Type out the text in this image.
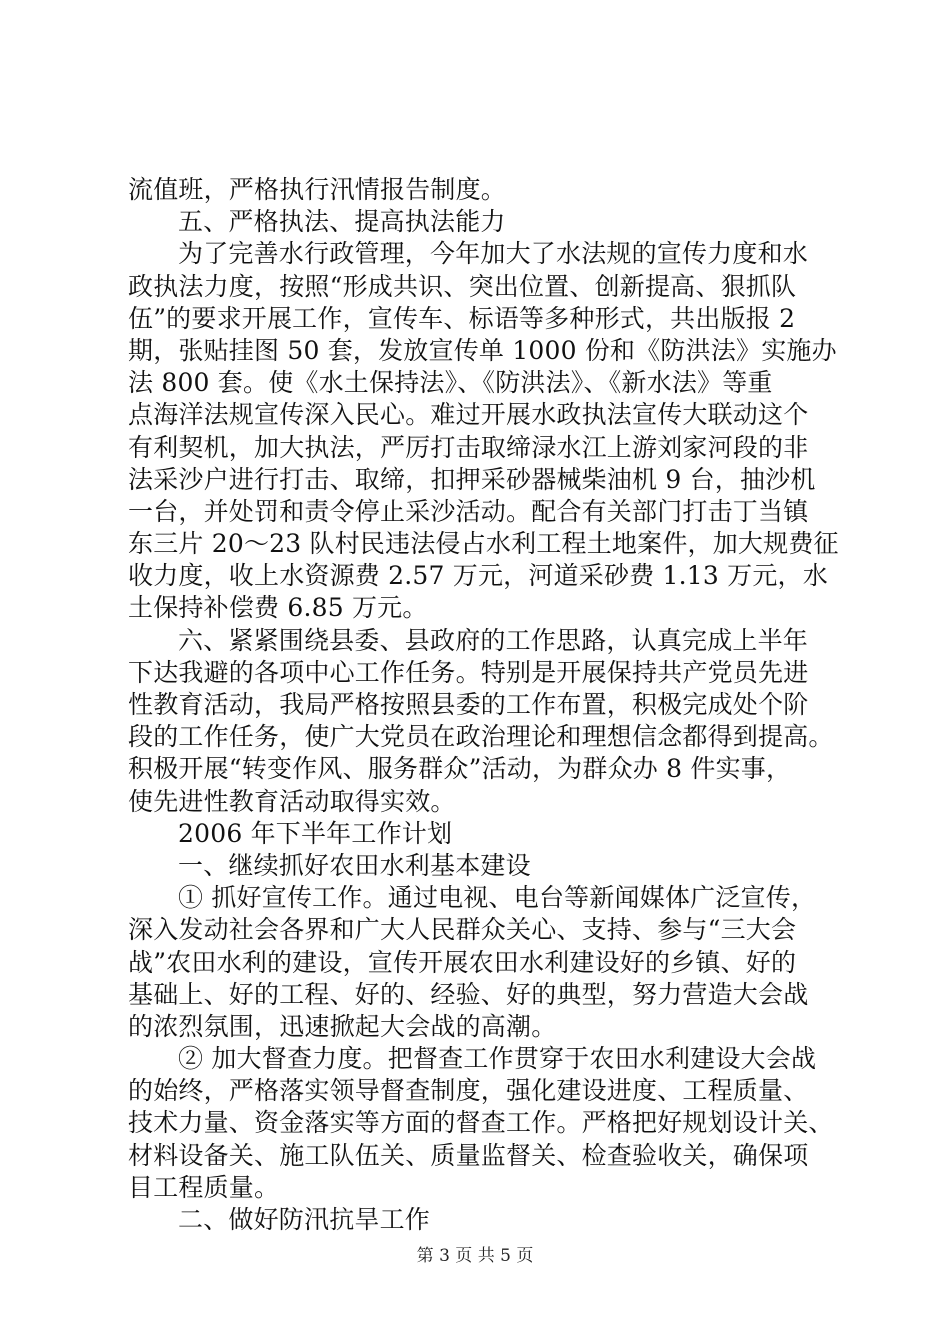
流值班，严格执行汛情报告制度。
五、严格执法、提高执法能力
为了完善水行政管理，今年加大了水法规的宣传力度和水
政执法力度，按照“形成共识、突出位置、创新提高、狠抓队
伍”的要求开展工作，宣传车、标语等多种形式，共出版报 2
期，张贴挂图 50 套，发放宣传单 1000 份和《防洪法》实施办
法 800 套。使《水土保持法》、《防洪法》、《新水法》等重
点海洋法规宣传深入民心。难过开展水政执法宣传大联动这个
有利契机，加大执法，严厉打击取缔渌水江上游刘家河段的非
法采沙户进行打击、取缔，扣押采砂器械柴油机 9 台，抽沙机
一台，并处罚和责令停止采沙活动。配合有关部门打击丁当镇
东三片 20～23 队村民违法侵占水利工程土地案件，加大规费征
收力度，收上水资源费 2.57 万元，河道采砂费 1.13 万元，水
土保持补偿费 6.85 万元。
六、紧紧围绕县委、县政府的工作思路，认真完成上半年
下达我避的各项中心工作任务。特别是开展保持共产党员先进
性教育活动，我局严格按照县委的工作布置，积极完成处个阶
段的工作任务，使广大党员在政治理论和理想信念都得到提高。
积极开展“转变作风、服务群众”活动，为群众办 8 件实事，
使先进性教育活动取得实效。
2006 年下半年工作计划
一、继续抓好农田水利基本建设
① 抓好宣传工作。通过电视、电台等新闻媒体广泛宣传，
深入发动社会各界和广大人民群众关心、支持、参与“三大会
战”农田水利的建设，宣传开展农田水利建设好的乡镇、好的
基础上、好的工程、好的、经验、好的典型，努力营造大会战
的浓烈氛围，迅速掀起大会战的高潮。
② 加大督查力度。把督查工作贯穿于农田水利建设大会战
的始终，严格落实领导督查制度，强化建设进度、工程质量、
技术力量、资金落实等方面的督查工作。严格把好规划设计关、
材料设备关、施工队伍关、质量监督关、检查验收关，确保项
目工程质量。
二、做好防汛抗旱工作
第 3 页 共 5 页
